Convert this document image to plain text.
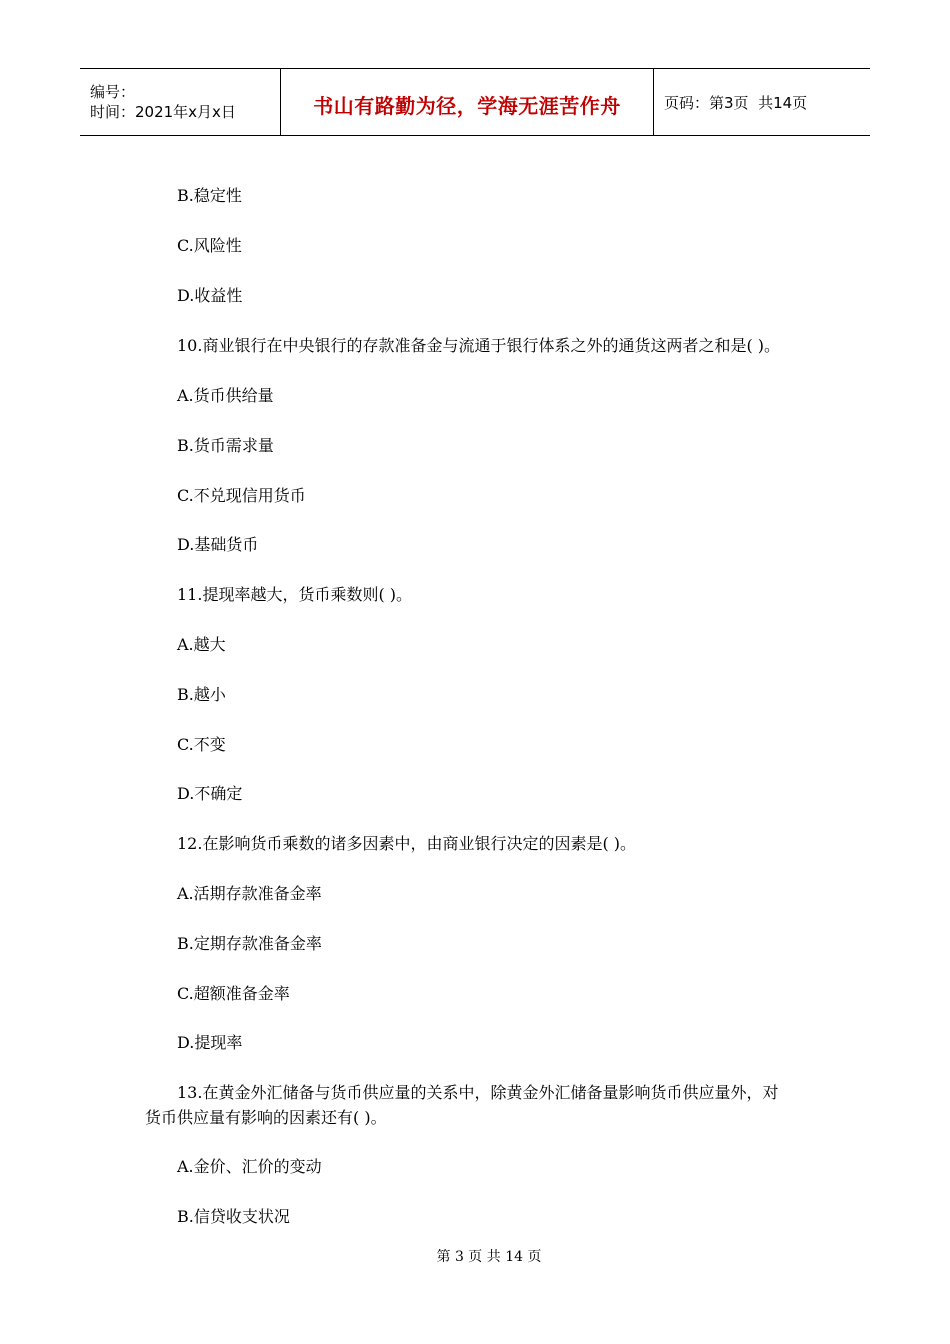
编号：
时间：2021年x月x日	书山有路勤为径，学海无涯苦作舟	页码：第3页  共14页
B.稳定性
C.风险性
D.收益性
10.商业银行在中央银行的存款准备金与流通于银行体系之外的通货这两者之和是( )。
A.货币供给量
B.货币需求量
C.不兑现信用货币
D.基础货币
11.提现率越大，货币乘数则( )。
A.越大
B.越小
C.不变
D.不确定
12.在影响货币乘数的诸多因素中，由商业银行决定的因素是( )。
A.活期存款准备金率
B.定期存款准备金率
C.超额准备金率
D.提现率
13.在黄金外汇储备与货币供应量的关系中，除黄金外汇储备量影响货币供应量外，对
货币供应量有影响的因素还有( )。
A.金价、汇价的变动
B.信贷收支状况
第 3 页 共 14 页
